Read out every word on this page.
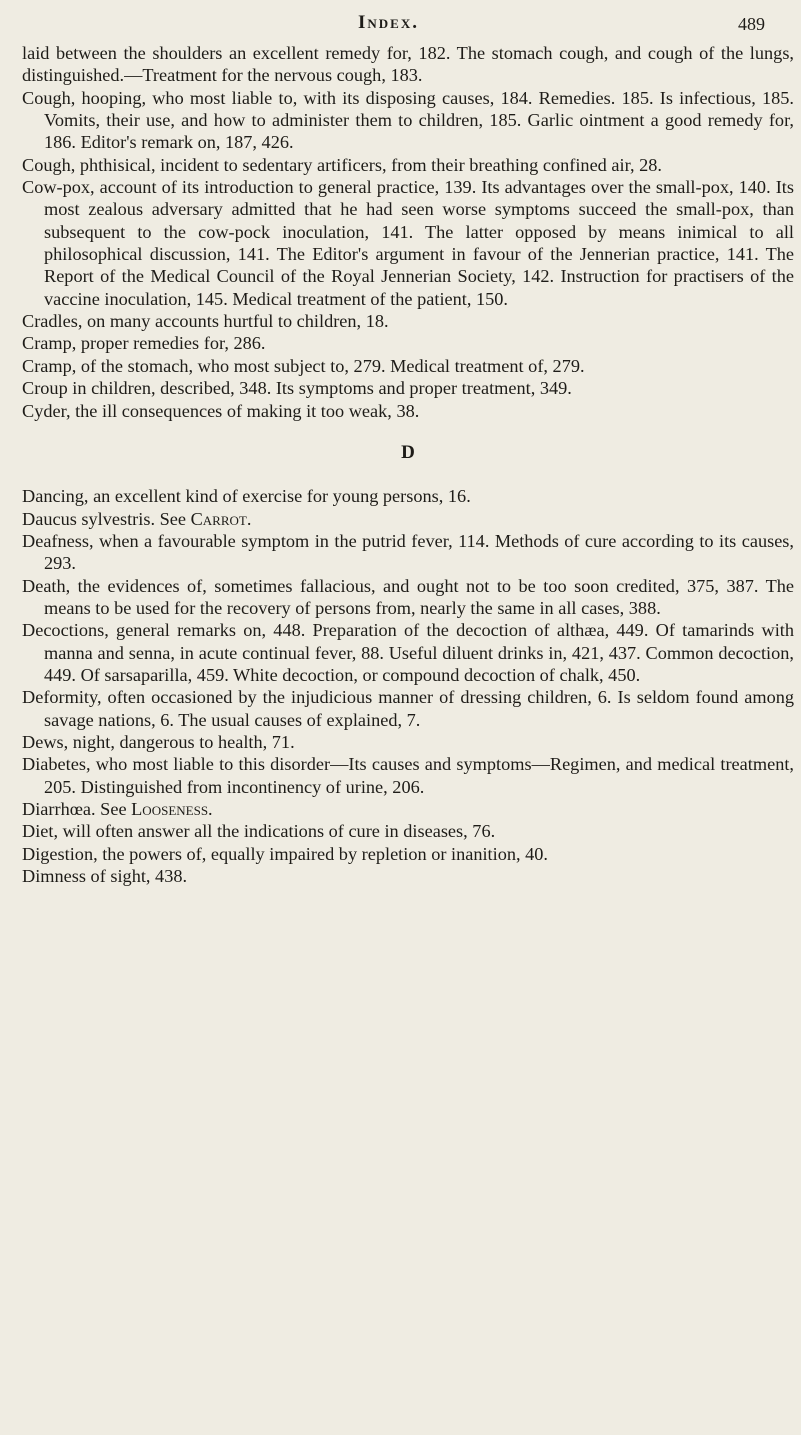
Index.	489

laid between the shoulders an excellent remedy for, 182. The stomach cough, and cough of the lungs, distinguished.—Treatment for the nervous cough, 183.

Cough, hooping, who most liable to, with its disposing causes, 184. Remedies. 185. Is infectious, 185. Vomits, their use, and how to administer them to children, 185. Garlic ointment a good remedy for, 186. Editor's remark on, 187, 426.

Cough, phthisical, incident to sedentary artificers, from their breathing confined air, 28.

Cow-pox, account of its introduction to general practice, 139. Its advantages over the small-pox, 140. Its most zealous adversary admitted that he had seen worse symptoms succeed the small-pox, than subsequent to the cow-pock inoculation, 141. The latter opposed by means inimical to all philosophical discussion, 141. The Editor's argument in favour of the Jennerian practice, 141. The Report of the Medical Council of the Royal Jennerian Society, 142. Instruction for practisers of the vaccine inoculation, 145. Medical treatment of the patient, 150.

Cradles, on many accounts hurtful to children, 18.

Cramp, proper remedies for, 286.

Cramp, of the stomach, who most subject to, 279. Medical treatment of, 279.

Croup in children, described, 348. Its symptoms and proper treatment, 349.

Cyder, the ill consequences of making it too weak, 38.

D

Dancing, an excellent kind of exercise for young persons, 16.

Daucus sylvestris. See Carrot.

Deafness, when a favourable symptom in the putrid fever, 114. Methods of cure according to its causes, 293.

Death, the evidences of, sometimes fallacious, and ought not to be too soon credited, 375, 387. The means to be used for the recovery of persons from, nearly the same in all cases, 388.

Decoctions, general remarks on, 448. Preparation of the decoction of althæa, 449. Of tamarinds with manna and senna, in acute continual fever, 88. Useful diluent drinks in, 421, 437. Common decoction, 449. Of sarsaparilla, 459. White decoction, or compound decoction of chalk, 450.

Deformity, often occasioned by the injudicious manner of dressing children, 6. Is seldom found among savage nations, 6. The usual causes of explained, 7.

Dews, night, dangerous to health, 71.

Diabetes, who most liable to this disorder—Its causes and symptoms—Regimen, and medical treatment, 205. Distinguished from incontinency of urine, 206.

Diarrhœa. See Looseness.

Diet, will often answer all the indications of cure in diseases, 76.

Digestion, the powers of, equally impaired by repletion or inanition, 40.

Dimness of sight, 438.
